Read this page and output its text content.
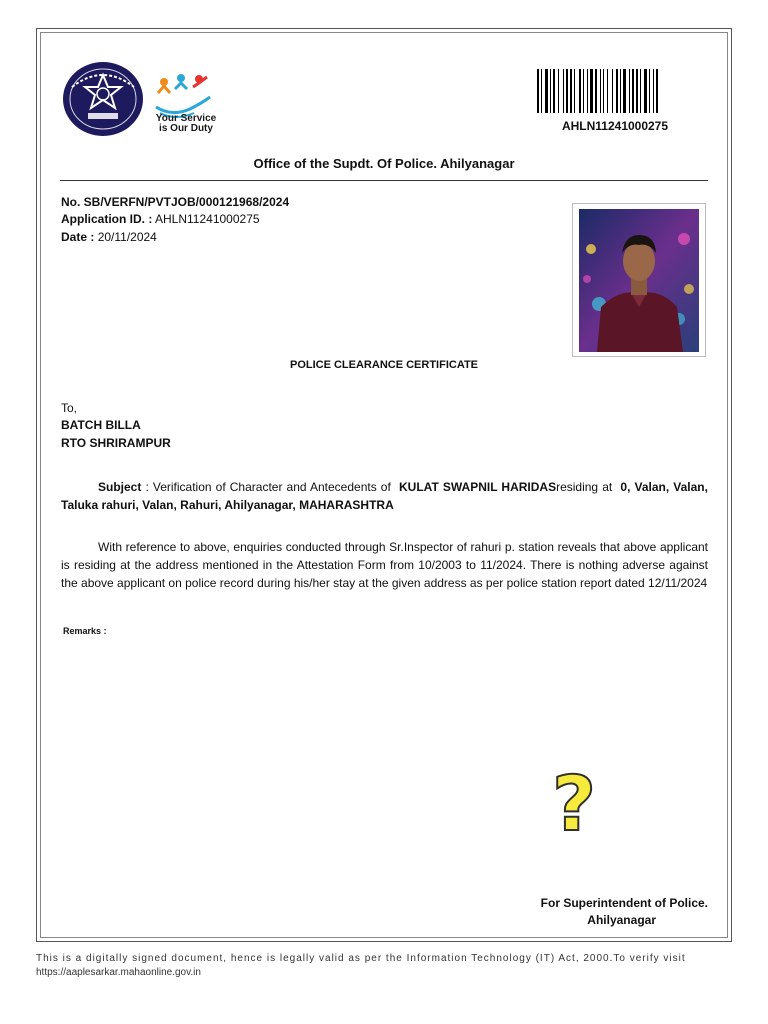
Your Service
is Our Duty	AHLN11241000275
Office of the Supdt. Of Police. Ahilyanagar
No. SB/VERFN/PVTJOB/000121968/2024
Application ID. : AHLN11241000275
Date : 20/11/2024
POLICE CLEARANCE CERTIFICATE
To,
BATCH BILLA
RTO SHRIRAMPUR
Subject : Verification of Character and Antecedents of  KULAT SWAPNIL HARIDASresiding at  0, Valan, Valan, Taluka rahuri, Valan, Rahuri, Ahilyanagar, MAHARASHTRA
With reference to above, enquiries conducted through Sr.Inspector of rahuri p. station reveals that above applicant is residing at the address mentioned in the Attestation Form from 10/2003 to 11/2024. There is nothing adverse against the above applicant on police record during his/her stay at the given address as per police station report dated 12/11/2024
Remarks :
?
For Superintendent of Police.
Ahilyanagar
This is a digitally signed document, hence is legally valid as per the Information Technology (IT) Act, 2000.To verify visit
https://aaplesarkar.mahaonline.gov.in
